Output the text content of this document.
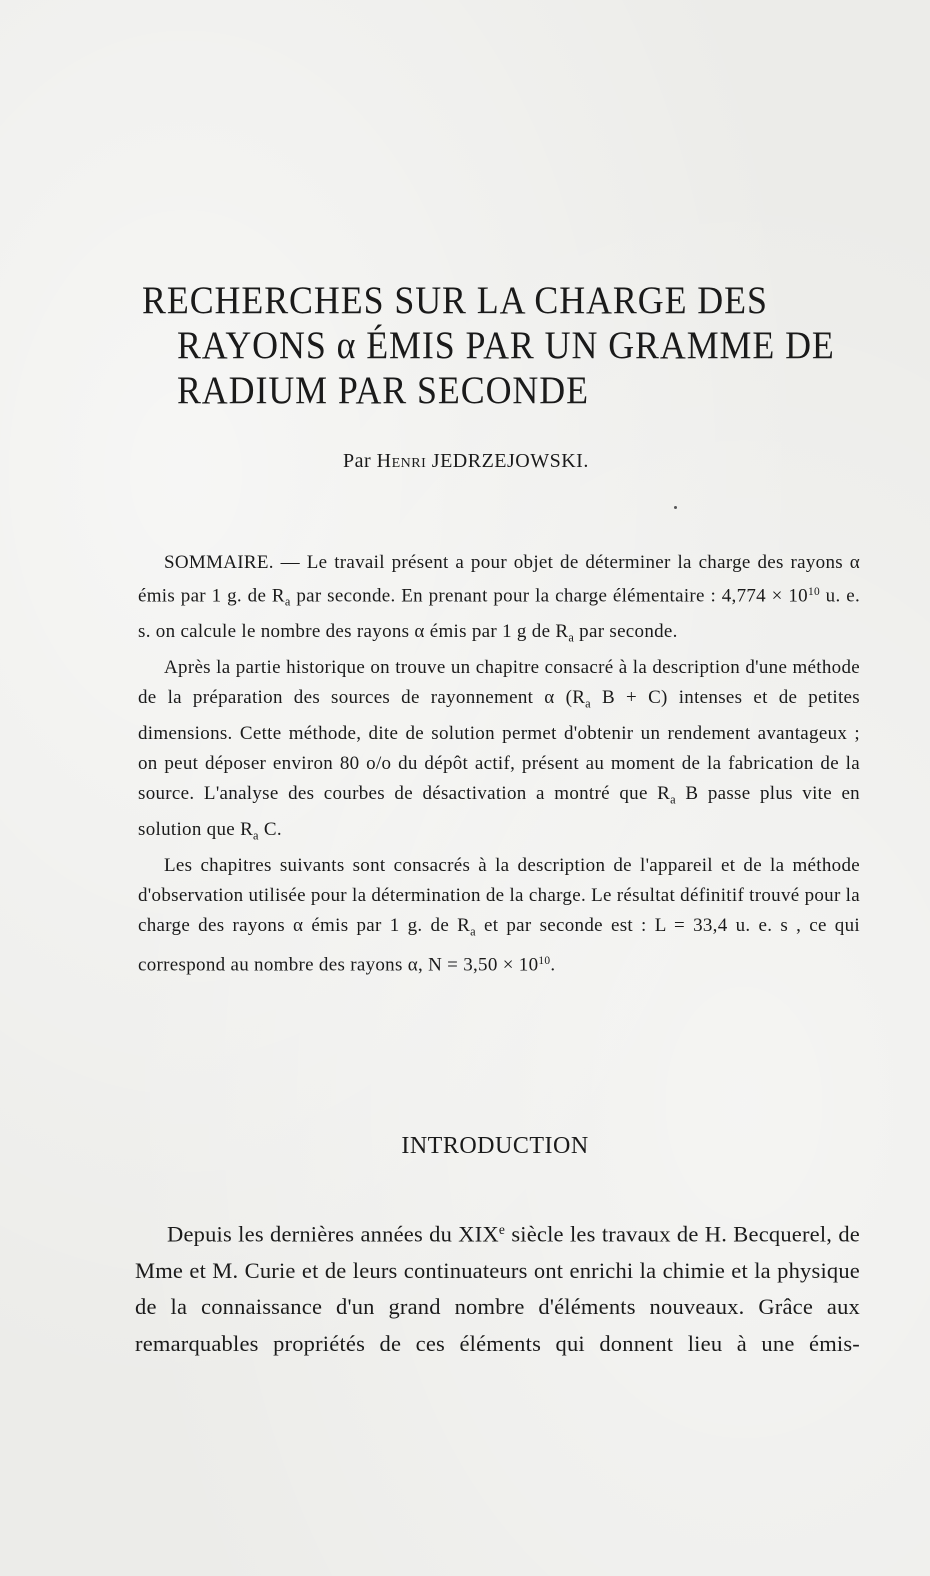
RECHERCHES SUR LA CHARGE DES
RAYONS α ÉMIS PAR UN GRAMME DE
RADIUM PAR SECONDE
Par Henri JEDRZEJOWSKI.

SOMMAIRE. — Le travail présent a pour objet de déterminer la charge des rayons α émis par 1 g. de $R_a$ par seconde. En prenant pour la charge élémentaire : $4,774 \times 10^{10}$ u. e. s. on calcule le nombre des rayons α émis par 1 g de $R_a$ par seconde.

Après la partie historique on trouve un chapitre consacré à la description d'une méthode de la préparation des sources de rayonnement α ($R_a$ B + C) intenses et de petites dimensions. Cette méthode, dite de solution permet d'obtenir un rendement avantageux ; on peut déposer environ 80 o/o du dépôt actif, présent au moment de la fabrication de la source. L'analyse des courbes de désactivation a montré que $R_a$ B passe plus vite en solution que $R_a$ C.

Les chapitres suivants sont consacrés à la description de l'appareil et de la méthode d'observation utilisée pour la détermination de la charge. Le résultat définitif trouvé pour la charge des rayons α émis par 1 g. de $R_a$ et par seconde est : L = 33,4 u. e. s , ce qui correspond au nombre des rayons α, $N = 3,50 \times 10^{10}$.

INTRODUCTION

Depuis les dernières années du XIXe siècle les travaux de H. Becquerel, de Mme et M. Curie et de leurs continuateurs ont enrichi la chimie et la physique de la connaissance d'un grand nombre d'éléments nouveaux. Grâce aux remarquables propriétés de ces éléments qui donnent lieu à une émis-
